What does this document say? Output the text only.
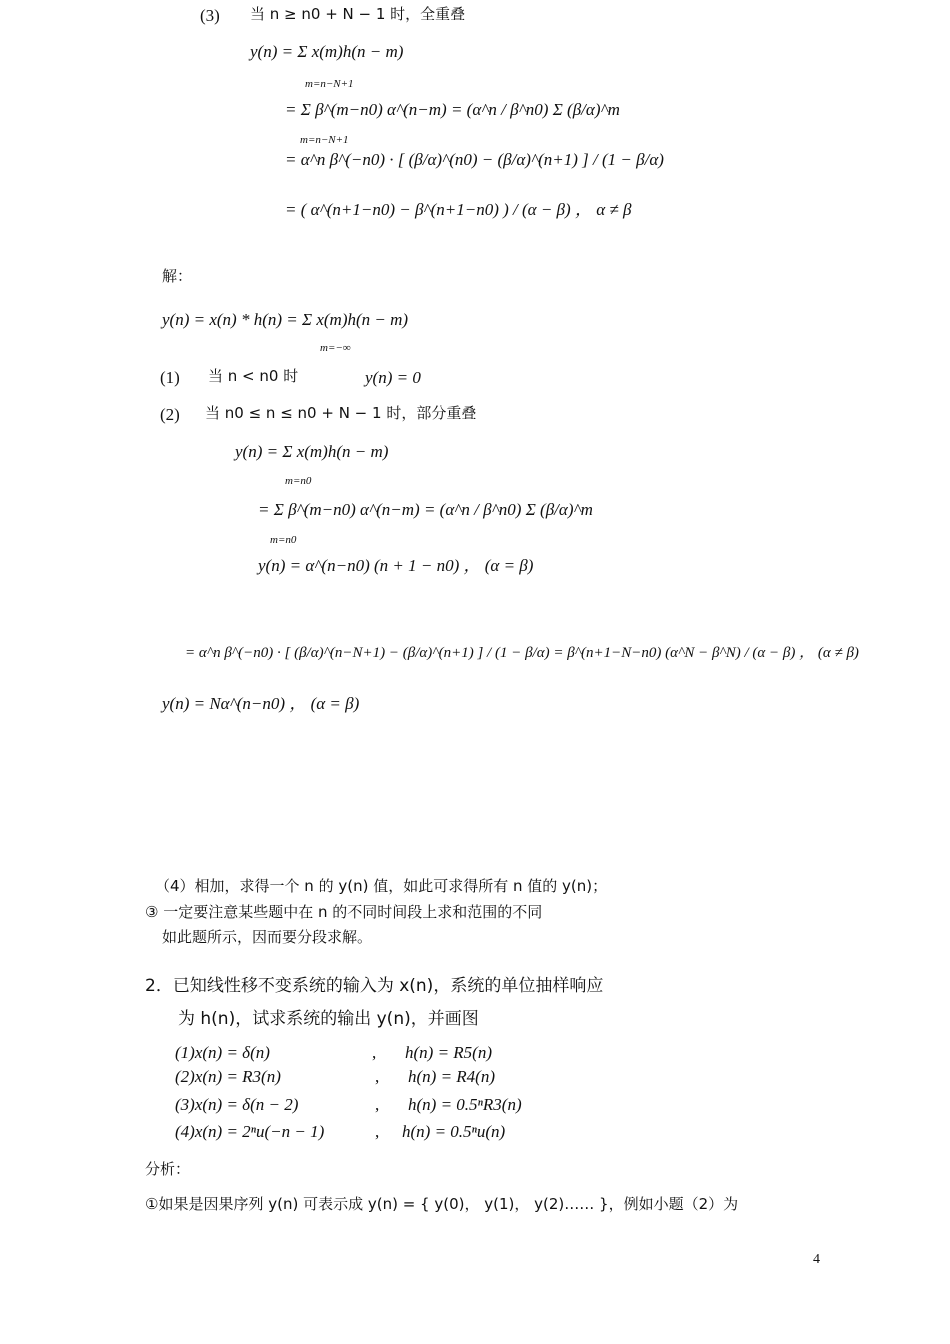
(3) 当 n ≥ n0 + N − 1 时，全重叠
y(n) = Σ x(m)h(n − m)
m=n−N+1
= Σ β^(m−n0) α^(n−m) = (α^n / β^n0) Σ (β/α)^m
m=n−N+1
= α^n β^(−n0) · [ (β/α)^(n0) − (β/α)^(n+1) ] / (1 − β/α)
= ( α^(n+1−n0) − β^(n+1−n0) ) / (α − β) ， α ≠ β
解：
y(n) = x(n) * h(n) = Σ x(m)h(n − m)
m=−∞
(1) 当 n < n0 时	y(n) = 0
(2) 当 n0 ≤ n ≤ n0 + N − 1 时，部分重叠
y(n) = Σ x(m)h(n − m)
m=n0
= Σ β^(m−n0) α^(n−m) = (α^n / β^n0) Σ (β/α)^m
m=n0
y(n) = α^(n−n0) (n + 1 − n0) ， (α = β)
= α^n β^(−n0) · [ (β/α)^(n−N+1) − (β/α)^(n+1) ] / (1 − β/α) = β^(n+1−N−n0) (α^N − β^N) / (α − β) ， (α ≠ β)
y(n) = Nα^(n−n0) ， (α = β)
（4）相加，求得一个 n 的 y(n) 值，如此可求得所有 n 值的 y(n)；
③ 一定要注意某些题中在 n 的不同时间段上求和范围的不同
如此题所示，因而要分段求解。
2．已知线性移不变系统的输入为 x(n)，系统的单位抽样响应
为 h(n)，试求系统的输出 y(n)，并画图
(1)x(n) = δ(n)	, h(n) = R5(n)
(2)x(n) = R3(n)	, h(n) = R4(n)
(3)x(n) = δ(n − 2)	, h(n) = 0.5ⁿR3(n)
(4)x(n) = 2ⁿu(−n − 1)	, h(n) = 0.5ⁿu(n)
分析：
①如果是因果序列 y(n) 可表示成 y(n) = { y(0)， y(1)， y(2)…… }，例如小题（2）为
4
